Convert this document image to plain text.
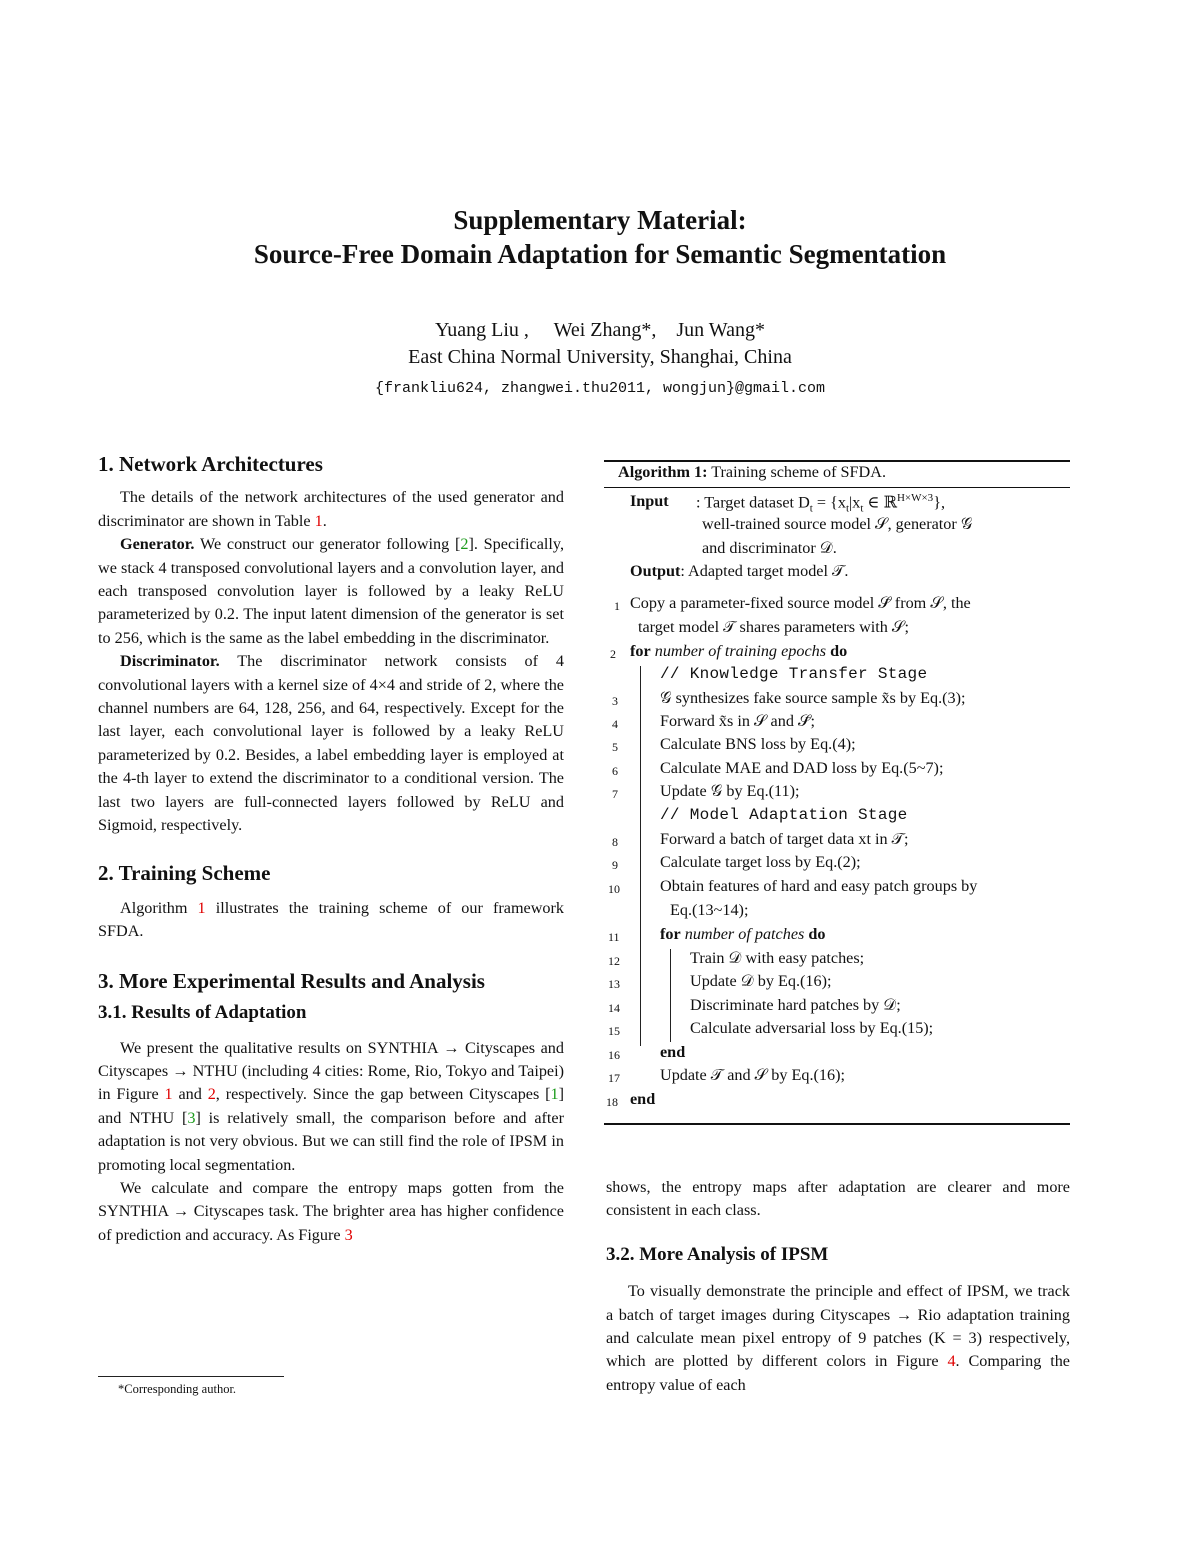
Supplementary Material:
Source-Free Domain Adaptation for Semantic Segmentation
Yuang Liu , Wei Zhang*, Jun Wang*
East China Normal University, Shanghai, China
{frankliu624, zhangwei.thu2011, wongjun}@gmail.com
1. Network Architectures

The details of the network architectures of the used generator and discriminator are shown in Table 1.

Generator. We construct our generator following [2]. Specifically, we stack 4 transposed convolutional layers and a convolution layer, and each transposed convolution layer is followed by a leaky ReLU parameterized by 0.2. The input latent dimension of the generator is set to 256, which is the same as the label embedding in the discriminator.

Discriminator. The discriminator network consists of 4 convolutional layers with a kernel size of 4×4 and stride of 2, where the channel numbers are 64, 128, 256, and 64, respectively. Except for the last layer, each convolutional layer is followed by a leaky ReLU parameterized by 0.2. Besides, a label embedding layer is employed at the 4-th layer to extend the discriminator to a conditional version. The last two layers are full-connected layers followed by ReLU and Sigmoid, respectively.

2. Training Scheme

Algorithm 1 illustrates the training scheme of our framework SFDA.

3. More Experimental Results and Analysis
3.1. Results of Adaptation

We present the qualitative results on SYNTHIA → Cityscapes and Cityscapes → NTHU (including 4 cities: Rome, Rio, Tokyo and Taipei) in Figure 1 and 2, respectively. Since the gap between Cityscapes [1] and NTHU [3] is relatively small, the comparison before and after adaptation is not very obvious. But we can still find the role of IPSM in promoting local segmentation.

We calculate and compare the entropy maps gotten from the SYNTHIA → Cityscapes task. The brighter area has higher confidence of prediction and accuracy. As Figure 3

*Corresponding author.
Algorithm 1: Training scheme of SFDA.
Input : Target dataset $D_t = \{x_t|x_t$ ∈ ℝ$^{H\times W\times 3}$},
well-trained source model 𝒮, generator 𝒢
and discriminator 𝒟.
Output: Adapted target model 𝒯.
1 Copy a parameter-fixed source model 𝒮̄ from 𝒮, the
target model 𝒯 shares parameters with 𝒮;
2 for number of training epochs do
// Knowledge Transfer Stage
3	𝒢 synthesizes fake source sample x̃s by Eq.(3);
4	Forward x̃s in 𝒮 and 𝒮̄;
5	Calculate BNS loss by Eq.(4);
6	Calculate MAE and DAD loss by Eq.(5~7);
7	Update 𝒢 by Eq.(11);
// Model Adaptation Stage
8	Forward a batch of target data xt in 𝒯;
9	Calculate target loss by Eq.(2);
10	Obtain features of hard and easy patch groups by
Eq.(13~14);
11	for number of patches do
12	Train 𝒟 with easy patches;
13	Update 𝒟 by Eq.(16);
14	Discriminate hard patches by 𝒟;
15	Calculate adversarial loss by Eq.(15);
16	end
17	Update 𝒯 and 𝒮 by Eq.(16);
18 end

shows, the entropy maps after adaptation are clearer and more consistent in each class.

3.2. More Analysis of IPSM

To visually demonstrate the principle and effect of IPSM, we track a batch of target images during Cityscapes → Rio adaptation training and calculate mean pixel entropy of 9 patches (K = 3) respectively, which are plotted by different colors in Figure 4. Comparing the entropy value of each
